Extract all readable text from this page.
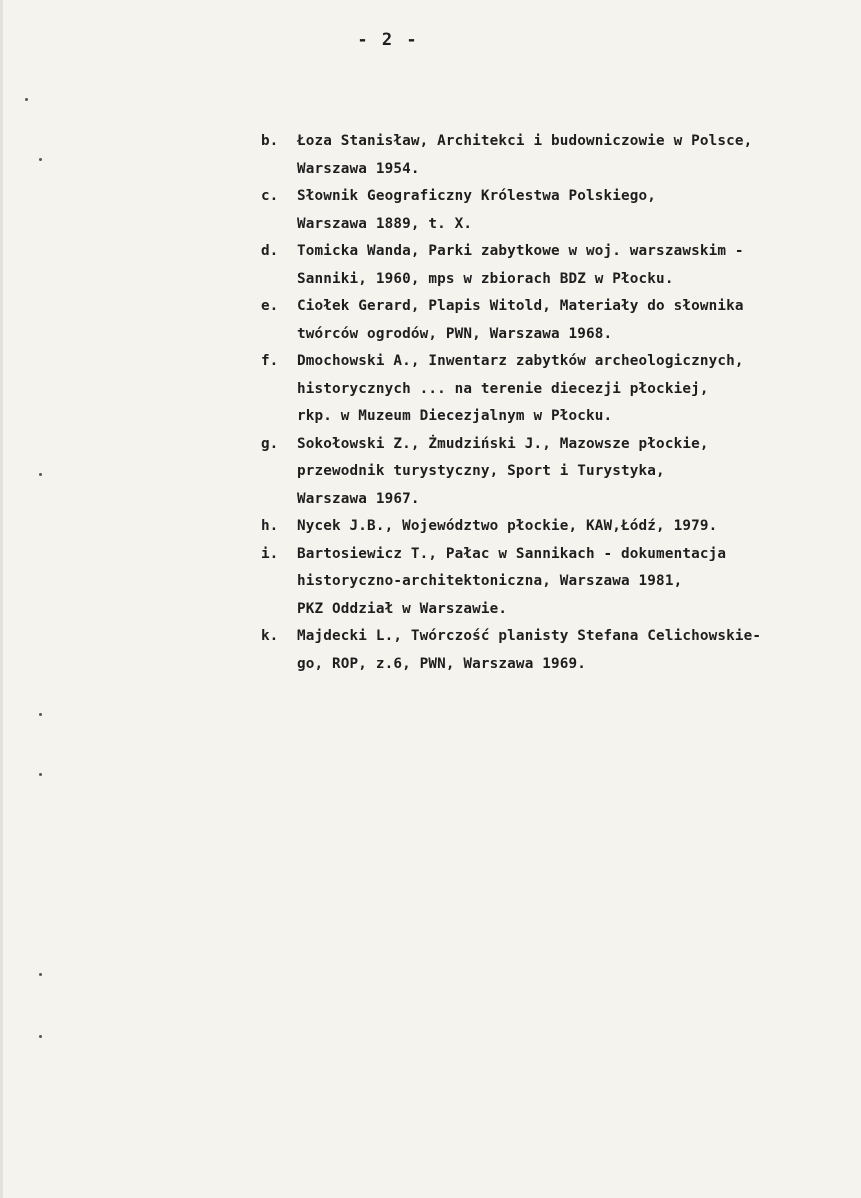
- 2 -
b.	Łoza Stanisław, Architekci i budowniczowie w Polsce,
Warszawa 1954.
c.	Słownik Geograficzny Królestwa Polskiego,
Warszawa 1889, t. X.
d.	Tomicka Wanda, Parki zabytkowe w woj. warszawskim -
Sanniki, 1960, mps w zbiorach BDZ w Płocku.
e.	Ciołek Gerard, Plapis Witold, Materiały do słownika
twórców ogrodów, PWN, Warszawa 1968.
f.	Dmochowski A., Inwentarz zabytków archeologicznych,
historycznych ... na terenie diecezji płockiej,
rkp. w Muzeum Diecezjalnym w Płocku.
g.	Sokołowski Z., Żmudziński J., Mazowsze płockie,
przewodnik turystyczny, Sport i Turystyka,
Warszawa 1967.
h.	Nycek J.B., Województwo płockie, KAW,Łódź, 1979.
i.	Bartosiewicz T., Pałac w Sannikach - dokumentacja
historyczno-architektoniczna, Warszawa 1981,
PKZ Oddział w Warszawie.
k.	Majdecki L., Twórczość planisty Stefana Celichowskie-
go, ROP, z.6, PWN, Warszawa 1969.
